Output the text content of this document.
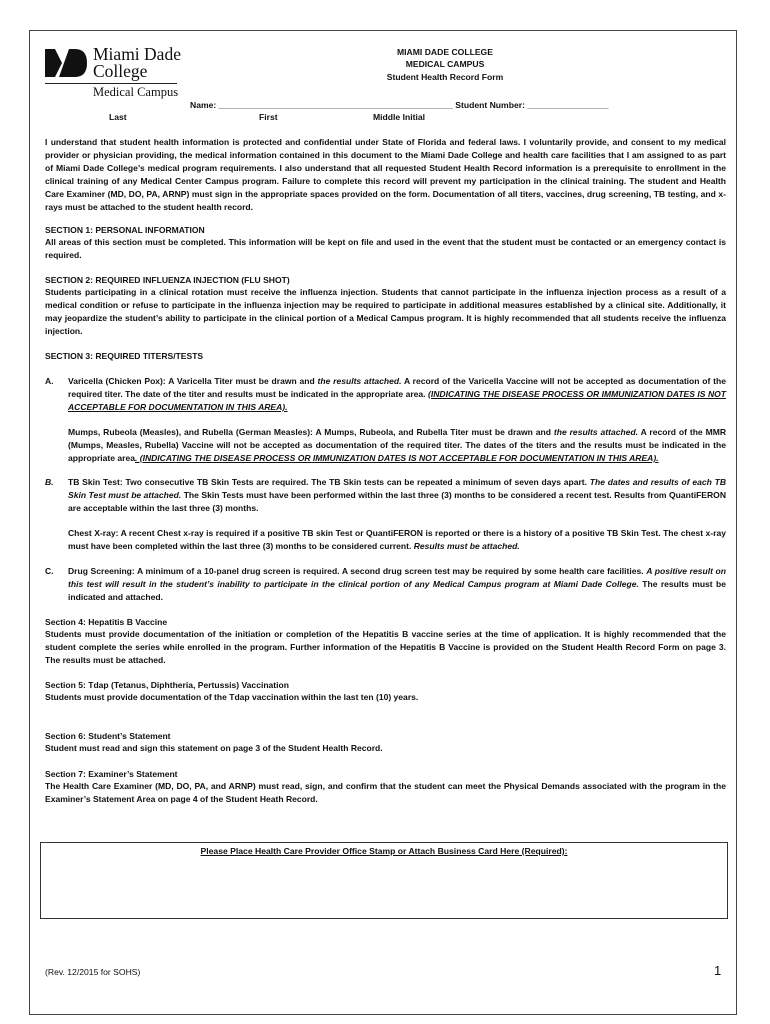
Miami Dade
College
Medical Campus
MIAMI DADE COLLEGE
MEDICAL CAMPUS
Student Health Record Form
Name: _________________________________________________ Student Number: _________________
Last	First	Middle Initial
I understand that student health information is protected and confidential under State of Florida and federal laws. I voluntarily provide, and consent to my medical provider or physician providing, the medical information contained in this document to the Miami Dade College and health care facilities that I am assigned to as part of Miami Dade College’s medical program requirements. I also understand that all requested Student Health Record information is a prerequisite to enrollment in the clinical training of any Medical Center Campus program. Failure to complete this record will prevent my participation in the clinical training. The student and Health Care Examiner (MD, DO, PA, ARNP) must sign in the appropriate spaces provided on the form. Documentation of all titers, vaccines, drug screening, TB testing, and x-rays must be attached to the student health record.
SECTION 1: PERSONAL INFORMATION
All areas of this section must be completed. This information will be kept on file and used in the event that the student must be contacted or an emergency contact is required.
SECTION 2: REQUIRED INFLUENZA INJECTION (FLU SHOT)
Students participating in a clinical rotation must receive the influenza injection. Students that cannot participate in the influenza injection process as a result of a medical condition or refuse to participate in the influenza injection may be required to participate in additional measures established by a clinical site. Additionally, it may jeopardize the student’s ability to participate in the clinical portion of a Medical Campus program. It is highly recommended that all students receive the influenza injection.
SECTION 3: REQUIRED TITERS/TESTS
A. Varicella (Chicken Pox): A Varicella Titer must be drawn and the results attached. A record of the Varicella Vaccine will not be accepted as documentation of the required titer. The date of the titer and results must be indicated in the appropriate area. (INDICATING THE DISEASE PROCESS OR IMMUNIZATION DATES IS NOT ACCEPTABLE FOR DOCUMENTATION IN THIS AREA).
Mumps, Rubeola (Measles), and Rubella (German Measles): A Mumps, Rubeola, and Rubella Titer must be drawn and the results attached. A record of the MMR (Mumps, Measles, Rubella) Vaccine will not be accepted as documentation of the required titer. The dates of the titers and the results must be indicated in the appropriate area. (INDICATING THE DISEASE PROCESS OR IMMUNIZATION DATES IS NOT ACCEPTABLE FOR DOCUMENTATION IN THIS AREA).
B. TB Skin Test: Two consecutive TB Skin Tests are required. The TB Skin tests can be repeated a minimum of seven days apart. The dates and results of each TB Skin Test must be attached. The Skin Tests must have been performed within the last three (3) months to be considered a recent test. Results from QuantiFERON are acceptable within the last three (3) months.
Chest X-ray: A recent Chest x-ray is required if a positive TB skin Test or QuantiFERON is reported or there is a history of a positive TB Skin Test. The chest x-ray must have been completed within the last three (3) months to be considered current. Results must be attached.
C. Drug Screening: A minimum of a 10-panel drug screen is required. A second drug screen test may be required by some health care facilities. A positive result on this test will result in the student’s inability to participate in the clinical portion of any Medical Campus program at Miami Dade College. The results must be indicated and attached.
Section 4: Hepatitis B Vaccine
Students must provide documentation of the initiation or completion of the Hepatitis B vaccine series at the time of application. It is highly recommended that the student complete the series while enrolled in the program. Further information of the Hepatitis B Vaccine is provided on the Student Health Record Form on page 3. The results must be attached.
Section 5: Tdap (Tetanus, Diphtheria, Pertussis) Vaccination
Students must provide documentation of the Tdap vaccination within the last ten (10) years.
Section 6: Student’s Statement
Student must read and sign this statement on page 3 of the Student Health Record.
Section 7: Examiner’s Statement
The Health Care Examiner (MD, DO, PA, and ARNP) must read, sign, and confirm that the student can meet the Physical Demands associated with the program in the Examiner’s Statement Area on page 4 of the Student Heath Record.
Please Place Health Care Provider Office Stamp or Attach Business Card Here (Required):
(Rev. 12/2015 for SOHS)	1
